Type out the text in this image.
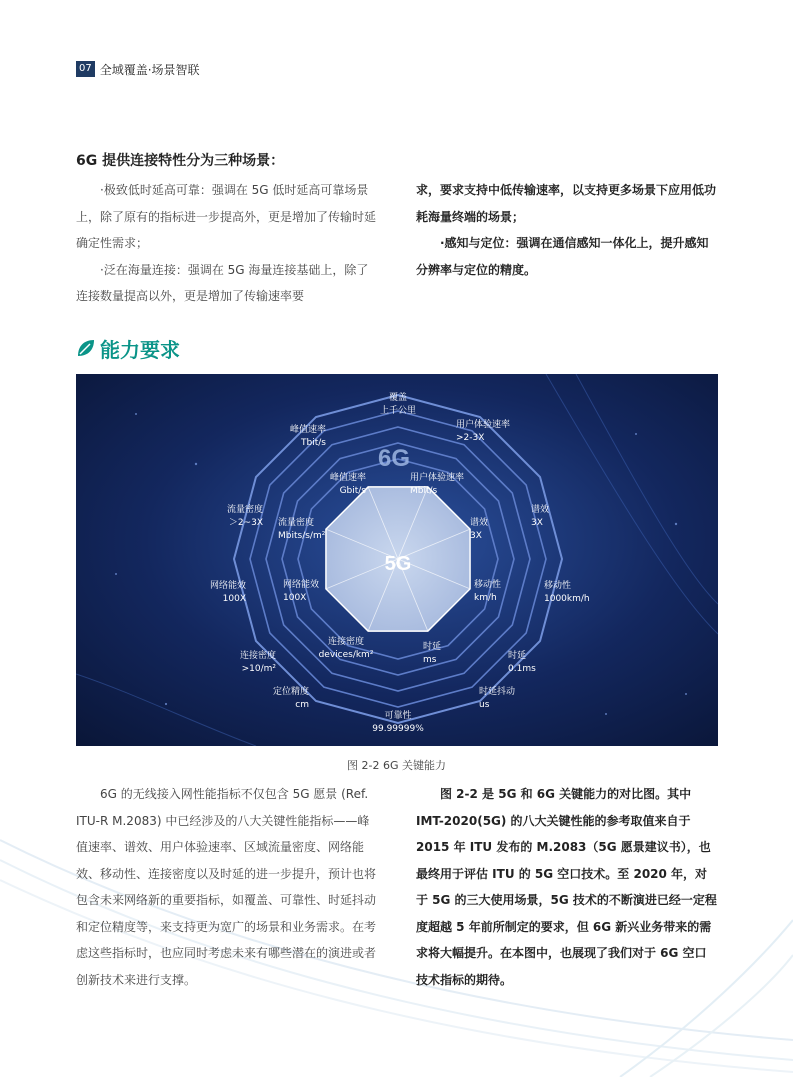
07 全域覆盖·场景智联
6G 提供连接特性分为三种场景：

·极致低时延高可靠：强调在 5G 低时延高可靠场景上，除了原有的指标进一步提高外，更是增加了传输时延确定性需求；

·泛在海量连接：强调在 5G 海量连接基础上，除了连接数量提高以外，更是增加了传输速率要

求，要求支持中低传输速率，以支持更多场景下应用低功耗海量终端的场景；

·感知与定位：强调在通信感知一体化上，提升感知分辨率与定位的精度。

能力要求
6G
5G
覆盖
上千公里
用户体验速率
>2-3X
谱效
3X
移动性
1000km/h
时延
0.1ms
时延抖动
us
可靠性
99.99999%
定位精度
cm
连接密度
>10/m²
网络能效
100X
流量密度
＞2~3X
峰值速率
Tbit/s
峰值速率
Gbit/s
用户体验速率
Mbit/s
谱效
3X
移动性
km/h
时延
ms
连接密度
devices/km²
网络能效
100X
流量密度
Mbits/s/m²
图 2-2 6G 关键能力

6G 的无线接入网性能指标不仅包含 5G 愿景 (Ref. ITU-R M.2083) 中已经涉及的八大关键性能指标——峰值速率、谱效、用户体验速率、区域流量密度、网络能效、移动性、连接密度以及时延的进一步提升，预计也将包含未来网络新的重要指标，如覆盖、可靠性、时延抖动和定位精度等，来支持更为宽广的场景和业务需求。在考虑这些指标时，也应同时考虑未来有哪些潜在的演进或者创新技术来进行支撑。

图 2-2 是 5G 和 6G 关键能力的对比图。其中 IMT-2020(5G) 的八大关键性能的参考取值来自于 2015 年 ITU 发布的 M.2083（5G 愿景建议书），也最终用于评估 ITU 的 5G 空口技术。至 2020 年，对于 5G 的三大使用场景，5G 技术的不断演进已经一定程度超越 5 年前所制定的要求，但 6G 新兴业务带来的需求将大幅提升。在本图中，也展现了我们对于 6G 空口技术指标的期待。
